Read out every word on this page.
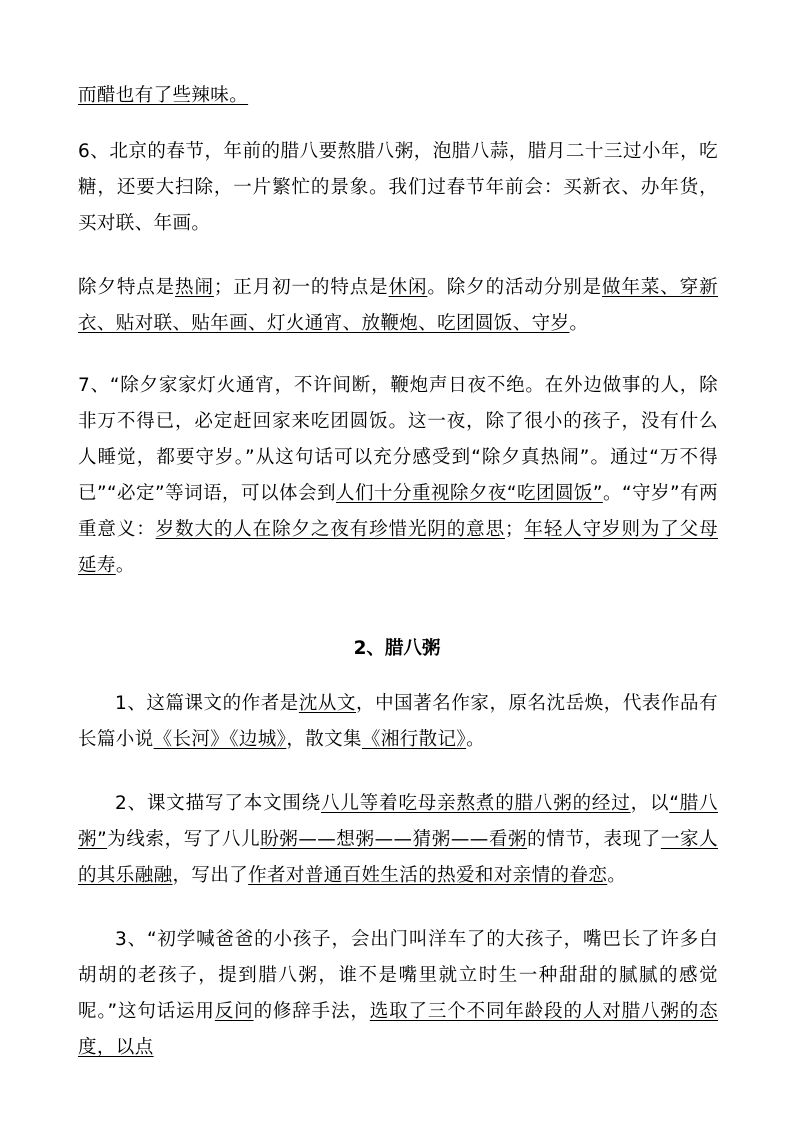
而醋也有了些辣味。

6、北京的春节，年前的腊八要熬腊八粥，泡腊八蒜，腊月二十三过小年，吃糖，还要大扫除，一片繁忙的景象。我们过春节年前会：买新衣、办年货，买对联、年画。

除夕特点是热闹；正月初一的特点是休闲。除夕的活动分别是做年菜、穿新衣、贴对联、贴年画、灯火通宵、放鞭炮、吃团圆饭、守岁。

7、“除夕家家灯火通宵，不许间断，鞭炮声日夜不绝。在外边做事的人，除非万不得已，必定赶回家来吃团圆饭。这一夜，除了很小的孩子，没有什么人睡觉，都要守岁。”从这句话可以充分感受到“除夕真热闹”。通过“万不得已”“必定”等词语，可以体会到人们十分重视除夕夜“吃团圆饭”。“守岁”有两重意义：岁数大的人在除夕之夜有珍惜光阴的意思；年轻人守岁则为了父母延寿。

2、腊八粥

1、这篇课文的作者是沈从文，中国著名作家，原名沈岳焕，代表作品有长篇小说《长河》《边城》，散文集《湘行散记》。

2、课文描写了本文围绕八儿等着吃母亲熬煮的腊八粥的经过，以“腊八粥”为线索，写了八儿盼粥——想粥——猜粥——看粥的情节，表现了一家人的其乐融融，写出了作者对普通百姓生活的热爱和对亲情的眷恋。

3、“初学喊爸爸的小孩子，会出门叫洋车了的大孩子，嘴巴长了许多白胡胡的老孩子，提到腊八粥，谁不是嘴里就立时生一种甜甜的腻腻的感觉呢。”这句话运用反问的修辞手法，选取了三个不同年龄段的人对腊八粥的态度，以点
